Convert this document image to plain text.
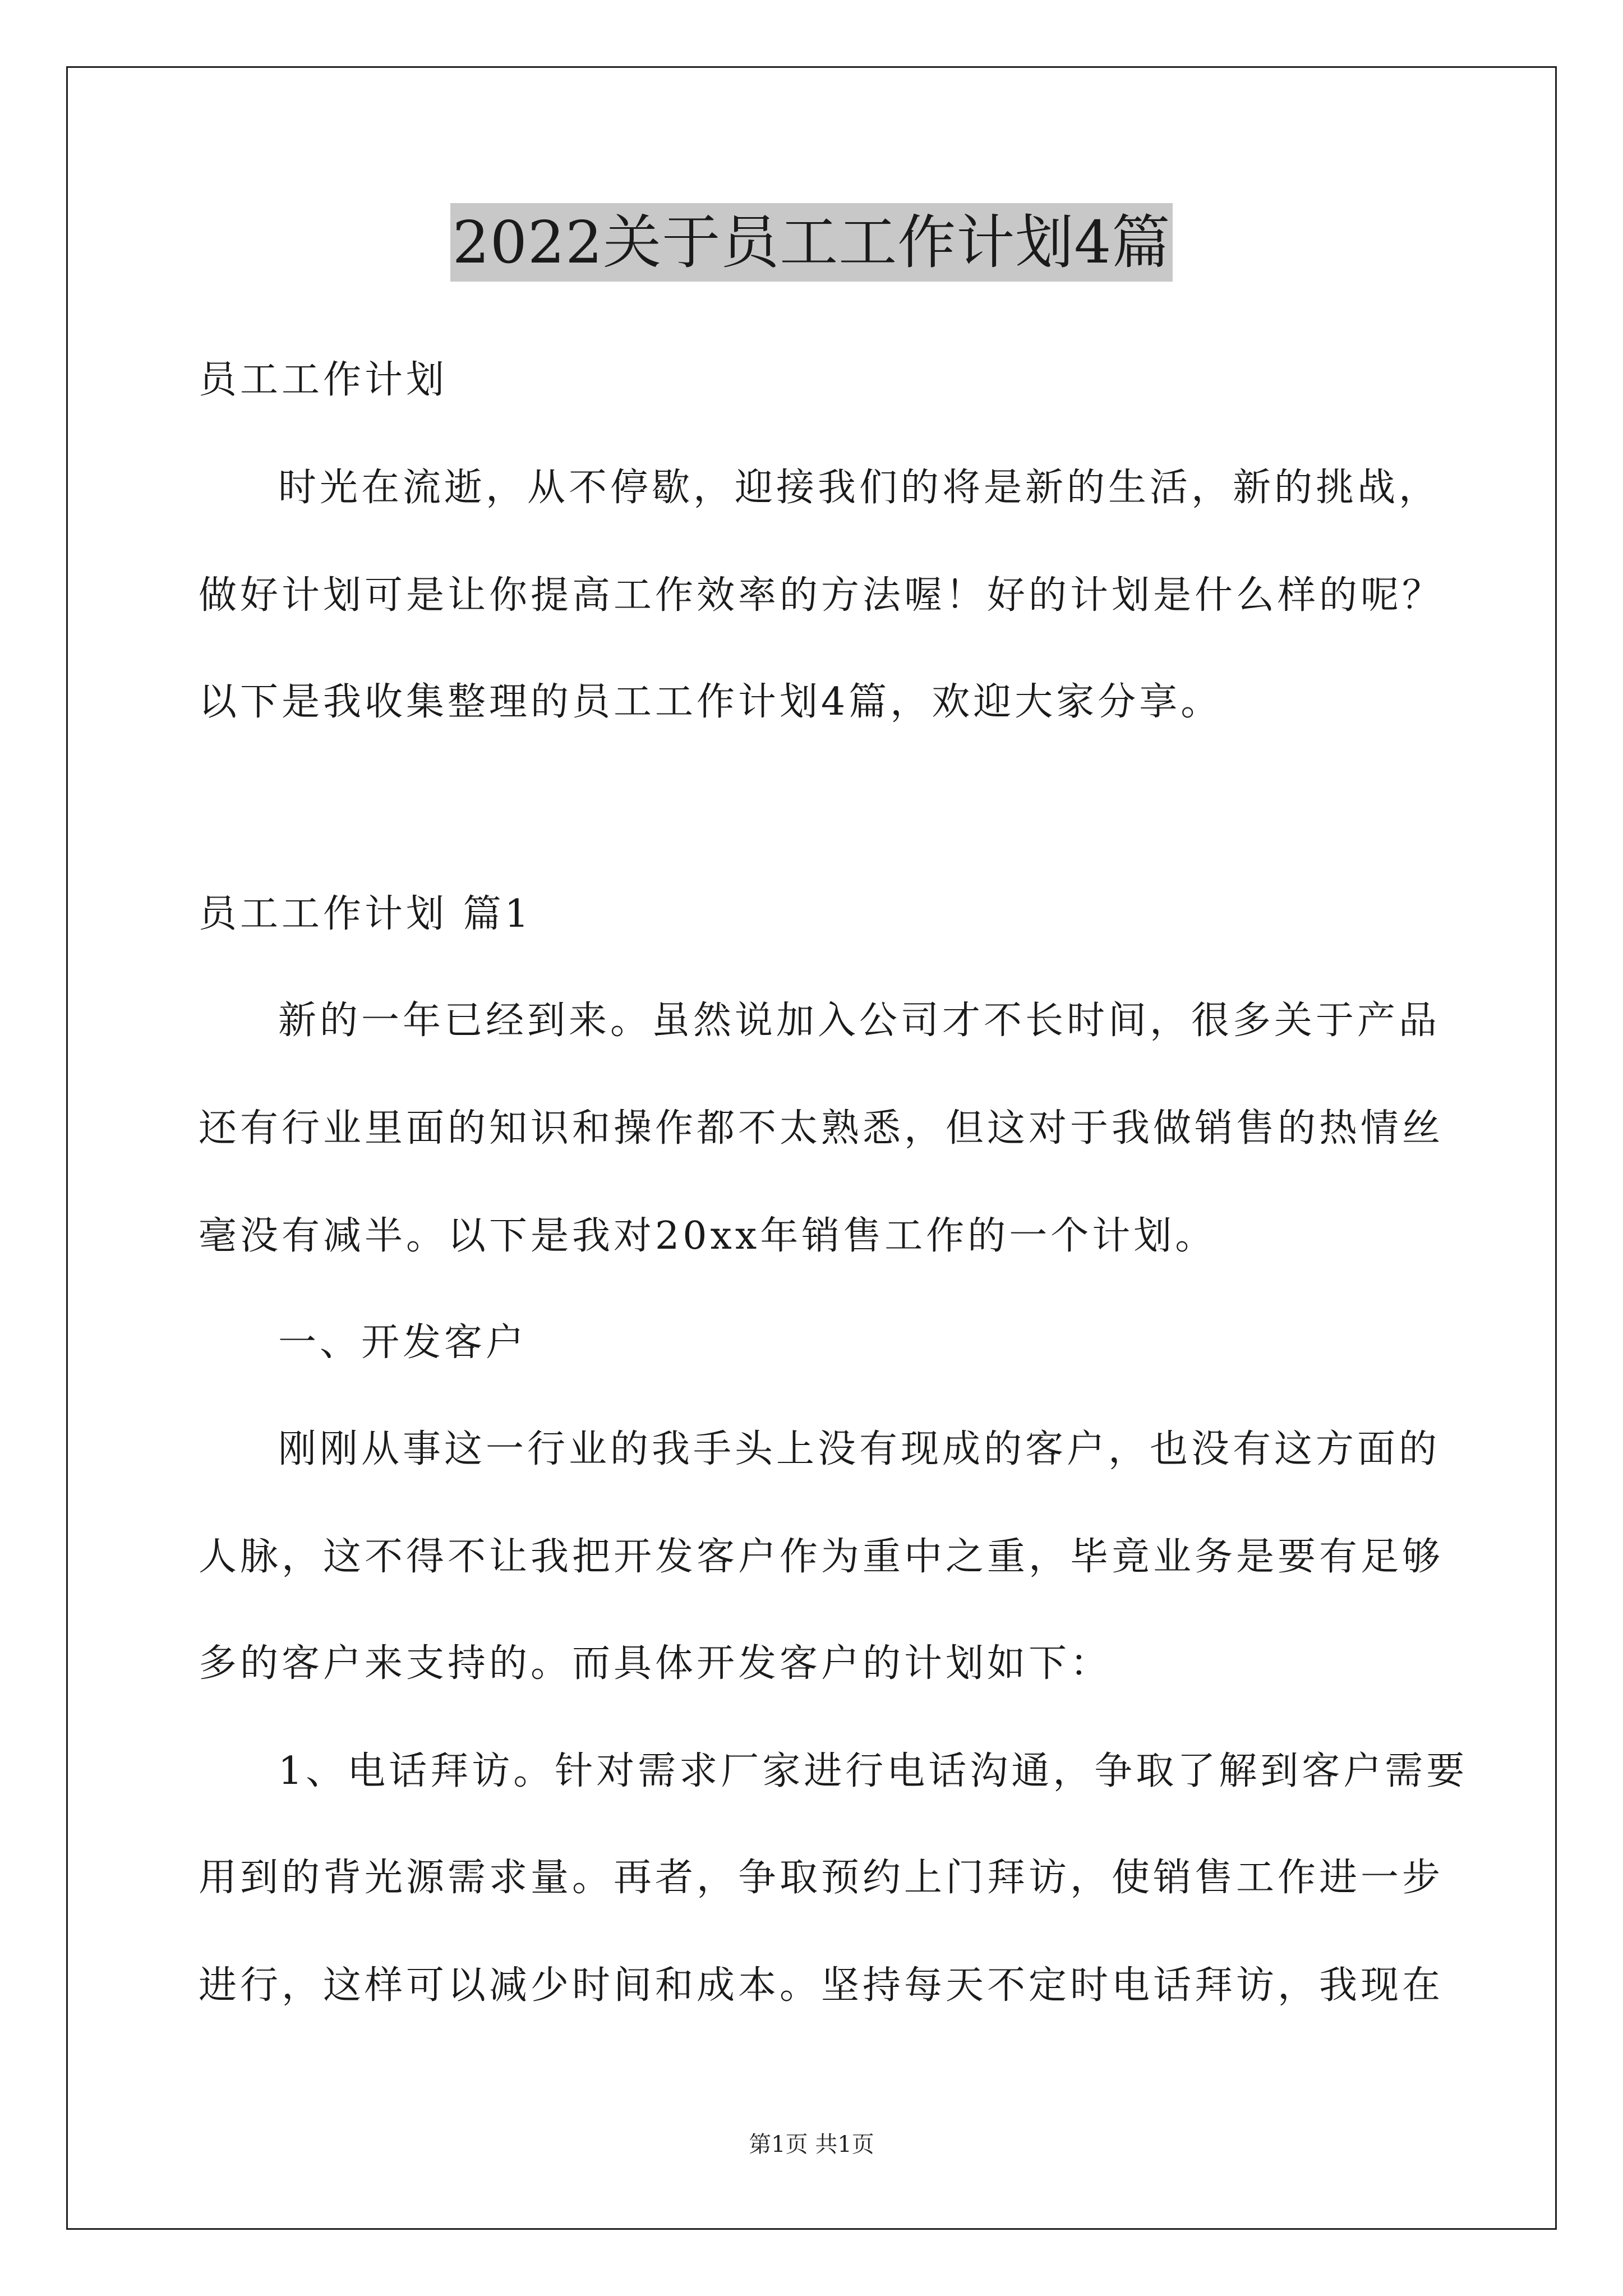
2022关于员工工作计划4篇
员工工作计划
时光在流逝，从不停歇，迎接我们的将是新的生活，新的挑战，
做好计划可是让你提高工作效率的方法喔！好的计划是什么样的呢？
以下是我收集整理的员工工作计划4篇，欢迎大家分享。
员工工作计划 篇1
新的一年已经到来。虽然说加入公司才不长时间，很多关于产品
还有行业里面的知识和操作都不太熟悉，但这对于我做销售的热情丝
毫没有减半。以下是我对20xx年销售工作的一个计划。
一、开发客户
刚刚从事这一行业的我手头上没有现成的客户，也没有这方面的
人脉，这不得不让我把开发客户作为重中之重，毕竟业务是要有足够
多的客户来支持的。而具体开发客户的计划如下：
1、电话拜访。针对需求厂家进行电话沟通，争取了解到客户需要
用到的背光源需求量。再者，争取预约上门拜访，使销售工作进一步
进行，这样可以减少时间和成本。坚持每天不定时电话拜访，我现在
第1页 共1页
